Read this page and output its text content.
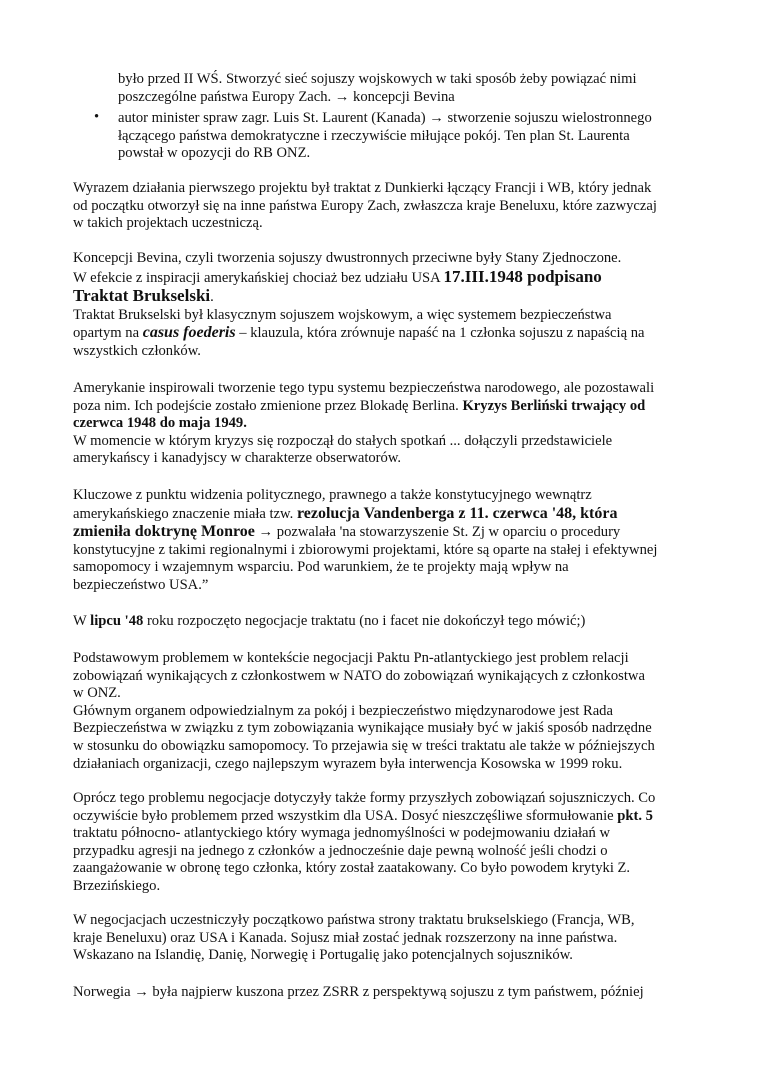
było przed II WŚ. Stworzyć sieć sojuszy wojskowych w taki sposób żeby powiązać nimi
poszczególne państwa Europy Zach. → koncepcji Bevina
• autor minister spraw zagr. Luis St. Laurent (Kanada) → stworzenie sojuszu wielostronnego
łączącego państwa demokratyczne i rzeczywiście miłujące pokój. Ten plan St. Laurenta
powstał w opozycji do RB ONZ.
Wyrazem działania pierwszego projektu był traktat z Dunkierki łączący Francji i WB, który jednak
od początku otworzył się na inne państwa Europy Zach, zwłaszcza kraje Beneluxu, które zazwyczaj
w takich projektach uczestniczą.
Koncepcji Bevina, czyli tworzenia sojuszy dwustronnych przeciwne były Stany Zjednoczone.
W efekcie z inspiracji amerykańskiej chociaż bez udziału USA 17.III.1948 podpisano
Traktat Brukselski.
Traktat Brukselski był klasycznym sojuszem wojskowym, a więc systemem bezpieczeństwa
opartym na casus foederis – klauzula, która zrównuje napaść na 1 członka sojuszu z napaścią na
wszystkich członków.
Amerykanie inspirowali tworzenie tego typu systemu bezpieczeństwa narodowego, ale pozostawali
poza nim. Ich podejście zostało zmienione przez Blokadę Berlina. Kryzys Berliński trwający od
czerwca 1948 do maja 1949.
W momencie w którym kryzys się rozpoczął do stałych spotkań ... dołączyli przedstawiciele
amerykańscy i kanadyjscy w charakterze obserwatorów.
Kluczowe z punktu widzenia politycznego, prawnego a także konstytucyjnego wewnątrz
amerykańskiego znaczenie miała tzw. rezolucja Vandenberga z 11. czerwca '48, która
zmieniła doktrynę Monroe → pozwalała 'na stowarzyszenie St. Zj w oparciu o procedury
konstytucyjne z takimi regionalnymi i zbiorowymi projektami, które są oparte na stałej i efektywnej
samopomocy i wzajemnym wsparciu. Pod warunkiem, że te projekty mają wpływ na
bezpieczeństwo USA.”
W lipcu '48 roku rozpoczęto negocjacje traktatu (no i facet nie dokończył tego mówić;)
Podstawowym problemem w kontekście negocjacji Paktu Pn-atlantyckiego jest problem relacji
zobowiązań wynikających z członkostwem w NATO do zobowiązań wynikających z członkostwa
w ONZ.
Głównym organem odpowiedzialnym za pokój i bezpieczeństwo międzynarodowe jest Rada
Bezpieczeństwa w związku z tym zobowiązania wynikające musiały być w jakiś sposób nadrzędne
w stosunku do obowiązku samopomocy. To przejawia się w treści traktatu ale także w późniejszych
działaniach organizacji, czego najlepszym wyrazem była interwencja Kosowska w 1999 roku.
Oprócz tego problemu negocjacje dotyczyły także formy przyszłych zobowiązań sojuszniczych. Co
oczywiście było problemem przed wszystkim dla USA. Dosyć nieszczęśliwe sformułowanie pkt. 5
traktatu północno- atlantyckiego który wymaga jednomyślności w podejmowaniu działań w
przypadku agresji na jednego z członków a jednocześnie daje pewną wolność jeśli chodzi o
zaangażowanie w obronę tego członka, który został zaatakowany. Co było powodem krytyki Z.
Brzezińskiego.
W negocjacjach uczestniczyły początkowo państwa strony traktatu brukselskiego (Francja, WB,
kraje Beneluxu) oraz USA i Kanada. Sojusz miał zostać jednak rozszerzony na inne państwa.
Wskazano na Islandię, Danię, Norwegię i Portugalię jako potencjalnych sojuszników.
Norwegia → była najpierw kuszona przez ZSRR z perspektywą sojuszu z tym państwem, później
